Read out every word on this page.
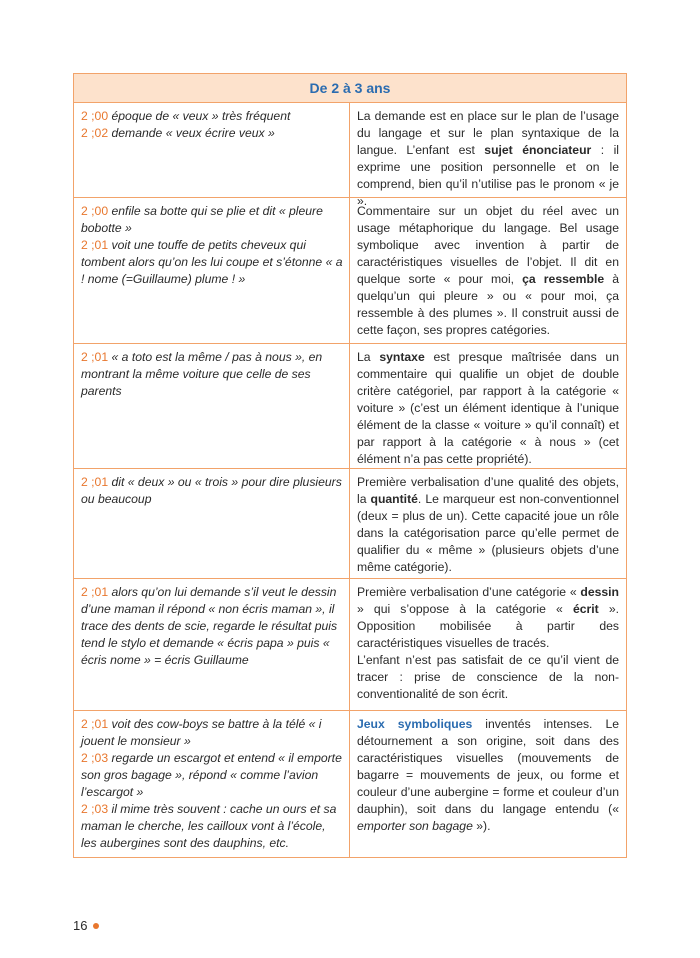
De 2 à 3 ans
2 ;00 époque de « veux » très fréquent
2 ;02 demande « veux écrire veux »
La demande est en place sur le plan de l’usage du langage et sur le plan syntaxique de la langue. L’enfant est sujet énonciateur : il exprime une position personnelle et on le comprend, bien qu’il n’utilise pas le pronom « je ».
2 ;00 enfile sa botte qui se plie et dit « pleure bobotte »
2 ;01 voit une touffe de petits cheveux qui tombent alors qu’on les lui coupe et s’étonne « a ! nome (=Guillaume) plume ! »
Commentaire sur un objet du réel avec un usage métaphorique du langage. Bel usage symbolique avec invention à partir de caractéristiques visuelles de l’objet. Il dit en quelque sorte « pour moi, ça ressemble à quelqu’un qui pleure » ou « pour moi, ça ressemble à des plumes ». Il construit aussi de cette façon, ses propres catégories.
2 ;01 « a toto est la même / pas à nous », en montrant la même voiture que celle de ses parents
La syntaxe est presque maîtrisée dans un commentaire qui qualifie un objet de double critère catégoriel, par rapport à la catégorie « voiture » (c’est un élément identique à l’unique élément de la classe « voiture » qu’il connaît) et par rapport à la catégorie « à nous » (cet élément n’a pas cette propriété).
2 ;01 dit « deux » ou « trois » pour dire plusieurs ou beaucoup
Première verbalisation d’une qualité des objets, la quantité. Le marqueur est non-conventionnel (deux = plus de un). Cette capacité joue un rôle dans la catégorisation parce qu’elle permet de qualifier du « même » (plusieurs objets d’une même catégorie).
2 ;01 alors qu’on lui demande s’il veut le dessin d’une maman il répond « non écris maman », il trace des dents de scie, regarde le résultat puis tend le stylo et demande « écris papa » puis « écris nome » = écris Guillaume
Première verbalisation d’une catégorie « dessin » qui s’oppose à la catégorie « écrit ». Opposition mobilisée à partir des caractéristiques visuelles de tracés.
L’enfant n’est pas satisfait de ce qu’il vient de tracer : prise de conscience de la non-conventionalité de son écrit.
2 ;01 voit des cow-boys se battre à la télé « i jouent le monsieur »
2 ;03 regarde un escargot et entend « il emporte son gros bagage », répond « comme l’avion l’escargot »
2 ;03 il mime très souvent : cache un ours et sa maman le cherche, les cailloux vont à l’école, les aubergines sont des dauphins, etc.
Jeux symboliques inventés intenses. Le détournement a son origine, soit dans des caractéristiques visuelles (mouvements de bagarre = mouvements de jeux, ou forme et couleur d’une aubergine = forme et couleur d’un dauphin), soit dans du langage entendu (« emporter son bagage »).
16
